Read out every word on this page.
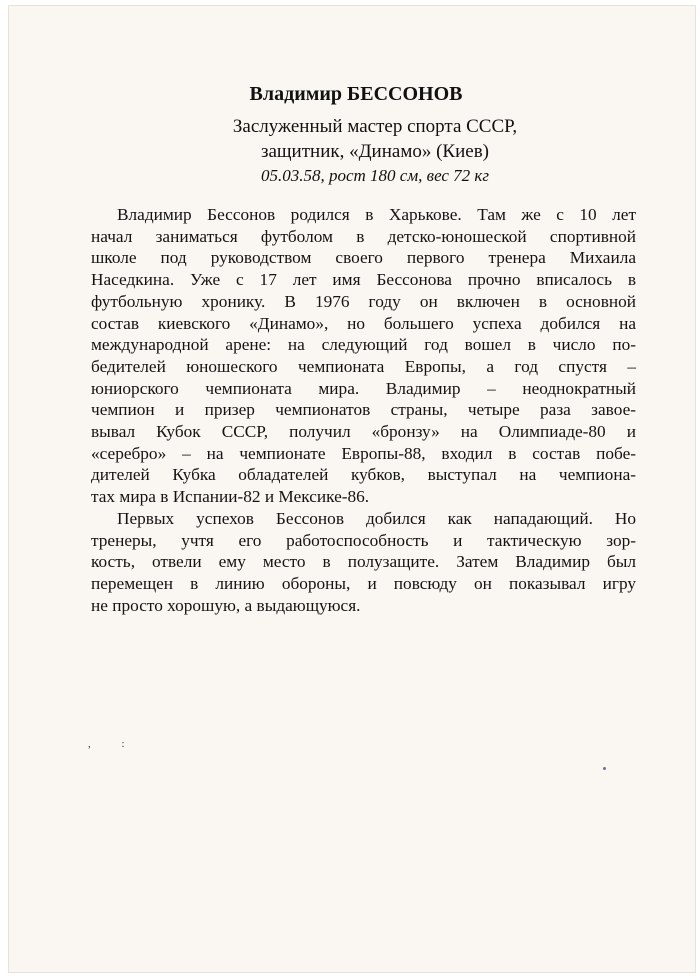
Владимир БЕССОНОВ
Заслуженный мастер спорта СССР,
защитник, «Динамо» (Киев)
05.03.58, рост 180 см, вес 72 кг
Владимир Бессонов родился в Харькове. Там же с 10 лет
начал заниматься футболом в детско-юношеской спортивной
школе под руководством своего первого тренера Михаила
Наседкина. Уже с 17 лет имя Бессонова прочно вписалось в
футбольную хронику. В 1976 году он включен в основной
состав киевского «Динамо», но большего успеха добился на
международной арене: на следующий год вошел в число по-
бедителей юношеского чемпионата Европы, а год спустя –
юниорского чемпионата мира. Владимир – неоднократный
чемпион и призер чемпионатов страны, четыре раза завое-
вывал Кубок СССР, получил «бронзу» на Олимпиаде-80 и
«серебро» – на чемпионате Европы-88, входил в состав побе-
дителей Кубка обладателей кубков, выступал на чемпиона-
тах мира в Испании-82 и Мексике-86.
Первых успехов Бессонов добился как нападающий. Но
тренеры, учтя его работоспособность и тактическую зор-
кость, отвели ему место в полузащите. Затем Владимир был
перемещен в линию обороны, и повсюду он показывал игру
не просто хорошую, а выдающуюся.
, :
